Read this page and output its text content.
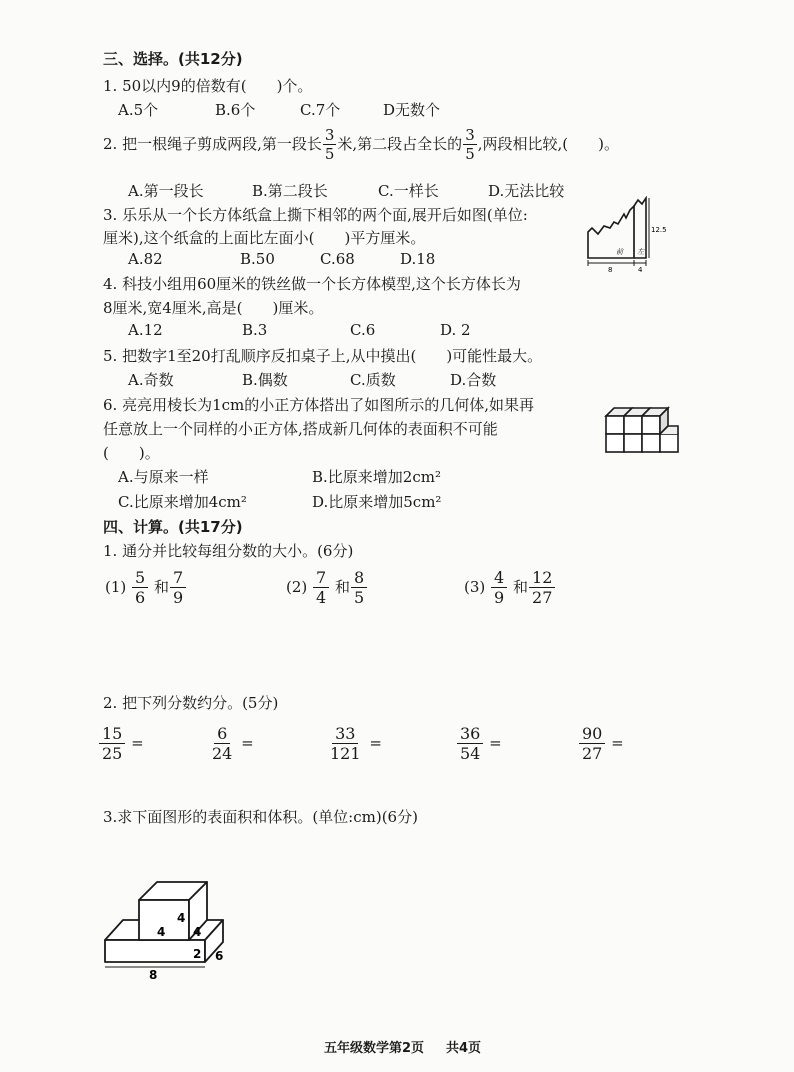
三、选择。(共12分)
1. 50以内9的倍数有(　　)个。
A.5个	B.6个	C.7个	D无数个
2. 把一根绳子剪成两段,第一段长 $\frac{3}{5}$ 米,第二段占全长的 $\frac{3}{5}$ ,两段相比较,(　　)。
A.第一段长	B.第二段长	C.一样长	D.无法比较
3. 乐乐从一个长方体纸盒上撕下相邻的两个面,展开后如图(单位:
厘米),这个纸盒的上面比左面小(　　)平方厘米。
A.82	B.50	C.68	D.18	前 左
8	4
12.5
4. 科技小组用60厘米的铁丝做一个长方体模型,这个长方体长为
8厘米,宽4厘米,高是(　　)厘米。
A.12	B.3	C.6	D. 2
5. 把数字1至20打乱顺序反扣桌子上,从中摸出(　　)可能性最大。
A.奇数	B.偶数	C.质数	D.合数
6. 亮亮用棱长为1cm的小正方体搭出了如图所示的几何体,如果再
任意放上一个同样的小正方体,搭成新几何体的表面积不可能
(　　)。
A.与原来一样	B.比原来增加2cm²
C.比原来增加4cm²	D.比原来增加5cm²
四、计算。(共17分)
1. 通分并比较每组分数的大小。(6分)
$(1) \frac{5}{6}$ 和 $\frac{7}{9}$	$(2) \frac{7}{4}$ 和 $\frac{8}{5}$	$(3) \frac{4}{9}$ 和 $\frac{12}{27}$
2. 把下列分数约分。(5分)
$\frac{15}{25}$ =	$\frac{6}{24}$ =	$\frac{33}{121}$ =	$\frac{36}{54}$ =	$\frac{90}{27}$ =
3.求下面图形的表面积和体积。(单位:cm)(6分)
4
4 4
2 6
8
五年级数学第2页 共4页
